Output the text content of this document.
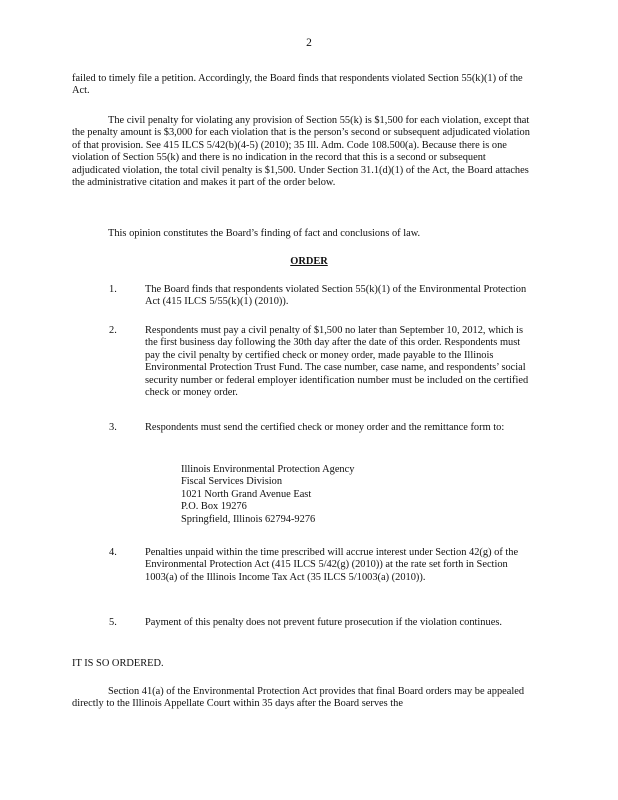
2
failed to timely file a petition. Accordingly, the Board finds that respondents violated Section 55(k)(1) of the Act.
The civil penalty for violating any provision of Section 55(k) is $1,500 for each violation, except that the penalty amount is $3,000 for each violation that is the person’s second or subsequent adjudicated violation of that provision. See 415 ILCS 5/42(b)(4-5) (2010); 35 Ill. Adm. Code 108.500(a). Because there is one violation of Section 55(k) and there is no indication in the record that this is a second or subsequent adjudicated violation, the total civil penalty is $1,500. Under Section 31.1(d)(1) of the Act, the Board attaches the administrative citation and makes it part of the order below.
This opinion constitutes the Board’s finding of fact and conclusions of law.
ORDER
1.	The Board finds that respondents violated Section 55(k)(1) of the Environmental Protection Act (415 ILCS 5/55(k)(1) (2010)).
2.	Respondents must pay a civil penalty of $1,500 no later than September 10, 2012, which is the first business day following the 30th day after the date of this order. Respondents must pay the civil penalty by certified check or money order, made payable to the Illinois Environmental Protection Trust Fund. The case number, case name, and respondents’ social security number or federal employer identification number must be included on the certified check or money order.
3.	Respondents must send the certified check or money order and the remittance form to:
Illinois Environmental Protection Agency
Fiscal Services Division
1021 North Grand Avenue East
P.O. Box 19276
Springfield, Illinois 62794-9276
4.	Penalties unpaid within the time prescribed will accrue interest under Section 42(g) of the Environmental Protection Act (415 ILCS 5/42(g) (2010)) at the rate set forth in Section 1003(a) of the Illinois Income Tax Act (35 ILCS 5/1003(a) (2010)).
5.	Payment of this penalty does not prevent future prosecution if the violation continues.
IT IS SO ORDERED.
Section 41(a) of the Environmental Protection Act provides that final Board orders may be appealed directly to the Illinois Appellate Court within 35 days after the Board serves the
